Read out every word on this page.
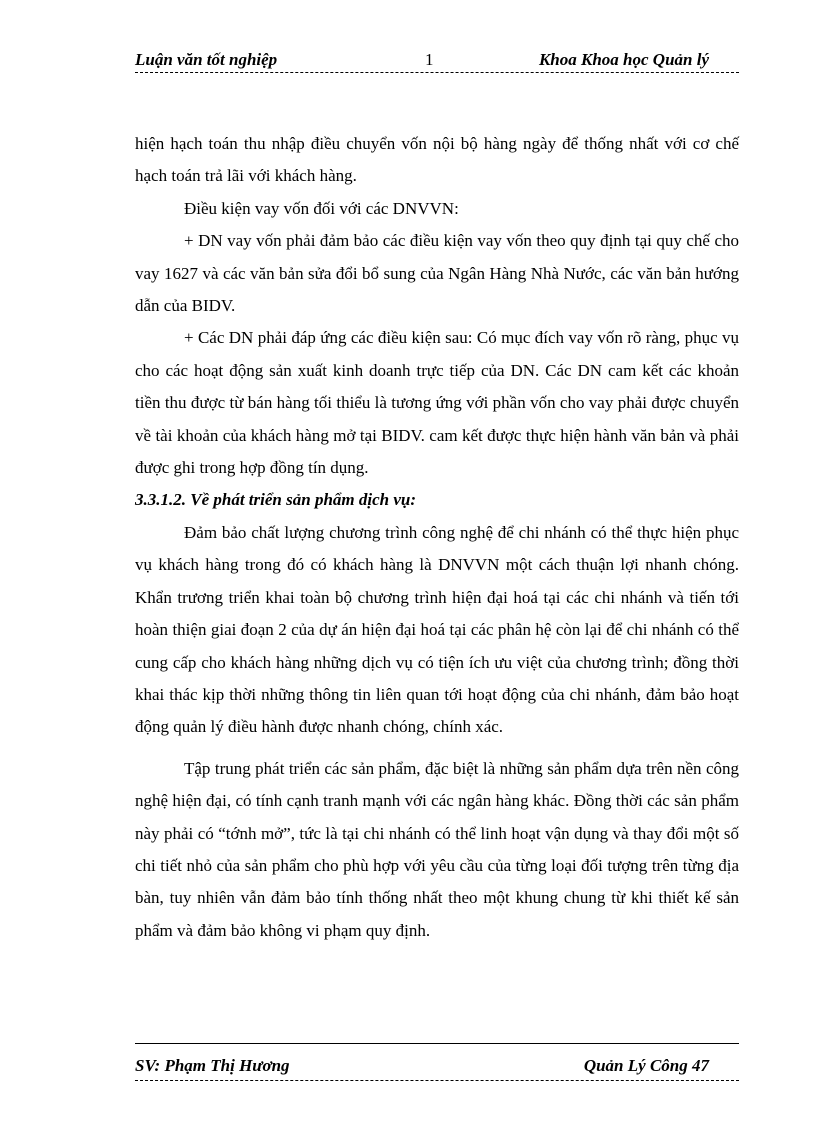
Luận văn tốt nghiệp	1	Khoa Khoa học Quản lý

hiện hạch toán thu nhập điều chuyển vốn nội bộ hàng ngày để thống nhất với cơ chế hạch toán trả lãi với khách hàng.

Điều kiện vay vốn đối với các DNVVN:

+ DN vay vốn phải đảm bảo các điều kiện vay vốn theo quy định tại quy chế cho vay 1627 và các văn bản sửa đổi bổ sung của Ngân Hàng Nhà Nước, các văn bản hướng dẫn của BIDV.

+ Các DN phải đáp ứng các điều kiện sau: Có mục đích vay vốn rõ ràng, phục vụ cho các hoạt động sản xuất kinh doanh trực tiếp của DN. Các DN cam kết các khoản tiền thu được từ bán hàng tối thiểu là tương ứng với phần vốn cho vay phải được chuyển về tài khoản của khách hàng mở tại BIDV. cam kết được thực hiện hành văn bản và phải được ghi trong hợp đồng tín dụng.

3.3.1.2. Về phát triển sản phẩm dịch vụ:

Đảm bảo chất lượng chương trình công nghệ để chi nhánh có thể thực hiện phục vụ khách hàng trong đó có khách hàng là DNVVN một cách thuận lợi nhanh chóng. Khẩn trương triển khai toàn bộ chương trình hiện đại hoá tại các chi nhánh và tiến tới hoàn thiện giai đoạn 2 của dự án hiện đại hoá tại các phân hệ còn lại để chi nhánh có thể cung cấp cho khách hàng những dịch vụ có tiện ích ưu việt của chương trình; đồng thời khai thác kịp thời những thông tin liên quan tới hoạt động của chi nhánh, đảm bảo hoạt động quản lý điều hành được nhanh chóng, chính xác.

Tập trung phát triển các sản phẩm, đặc biệt là những sản phẩm dựa trên nền công nghệ hiện đại, có tính cạnh tranh mạnh với các ngân hàng khác. Đồng thời các sản phẩm này phải có “tớnh mở”, tức là tại chi nhánh có thể linh hoạt vận dụng và thay đổi một số chi tiết nhỏ của sản phẩm cho phù hợp với yêu cầu của từng loại đối tượng trên từng địa bàn, tuy nhiên vẫn đảm bảo tính thống nhất theo một khung chung từ khi thiết kế sản phẩm và đảm bảo không vi phạm quy định.

SV: Phạm Thị Hương	Quản Lý Công 47
